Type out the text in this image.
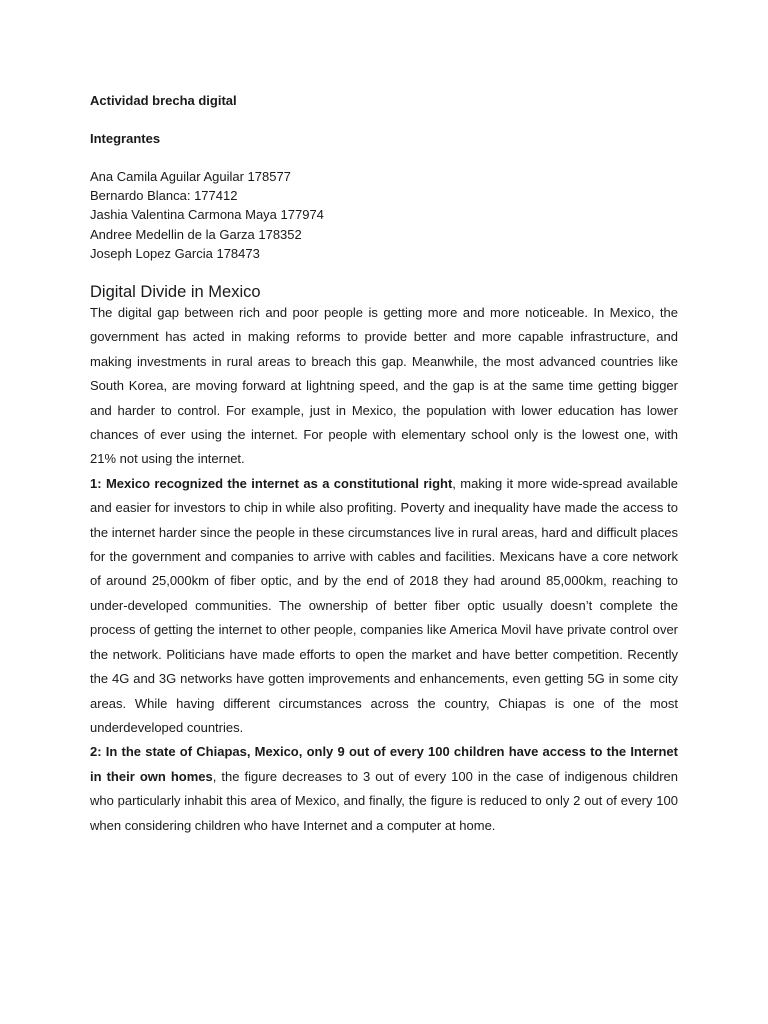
Actividad brecha digital
Integrantes
Ana Camila Aguilar Aguilar 178577
Bernardo Blanca: 177412
Jashia Valentina Carmona Maya 177974
Andree Medellin de la Garza 178352
Joseph Lopez Garcia 178473
Digital Divide in Mexico

The digital gap between rich and poor people is getting more and more noticeable. In Mexico, the government has acted in making reforms to provide better and more capable infrastructure, and making investments in rural areas to breach this gap. Meanwhile, the most advanced countries like South Korea, are moving forward at lightning speed, and the gap is at the same time getting bigger and harder to control. For example, just in Mexico, the population with lower education has lower chances of ever using the internet. For people with elementary school only is the lowest one, with 21% not using the internet.

1: Mexico recognized the internet as a constitutional right, making it more wide-spread available and easier for investors to chip in while also profiting. Poverty and inequality have made the access to the internet harder since the people in these circumstances live in rural areas, hard and difficult places for the government and companies to arrive with cables and facilities. Mexicans have a core network of around 25,000km of fiber optic, and by the end of 2018 they had around 85,000km, reaching to under-developed communities. The ownership of better fiber optic usually doesn’t complete the process of getting the internet to other people, companies like America Movil have private control over the network. Politicians have made efforts to open the market and have better competition. Recently the 4G and 3G networks have gotten improvements and enhancements, even getting 5G in some city areas. While having different circumstances across the country, Chiapas is one of the most underdeveloped countries.

2: In the state of Chiapas, Mexico, only 9 out of every 100 children have access to the Internet in their own homes, the figure decreases to 3 out of every 100 in the case of indigenous children who particularly inhabit this area of Mexico, and finally, the figure is reduced to only 2 out of every 100 when considering children who have Internet and a computer at home.
